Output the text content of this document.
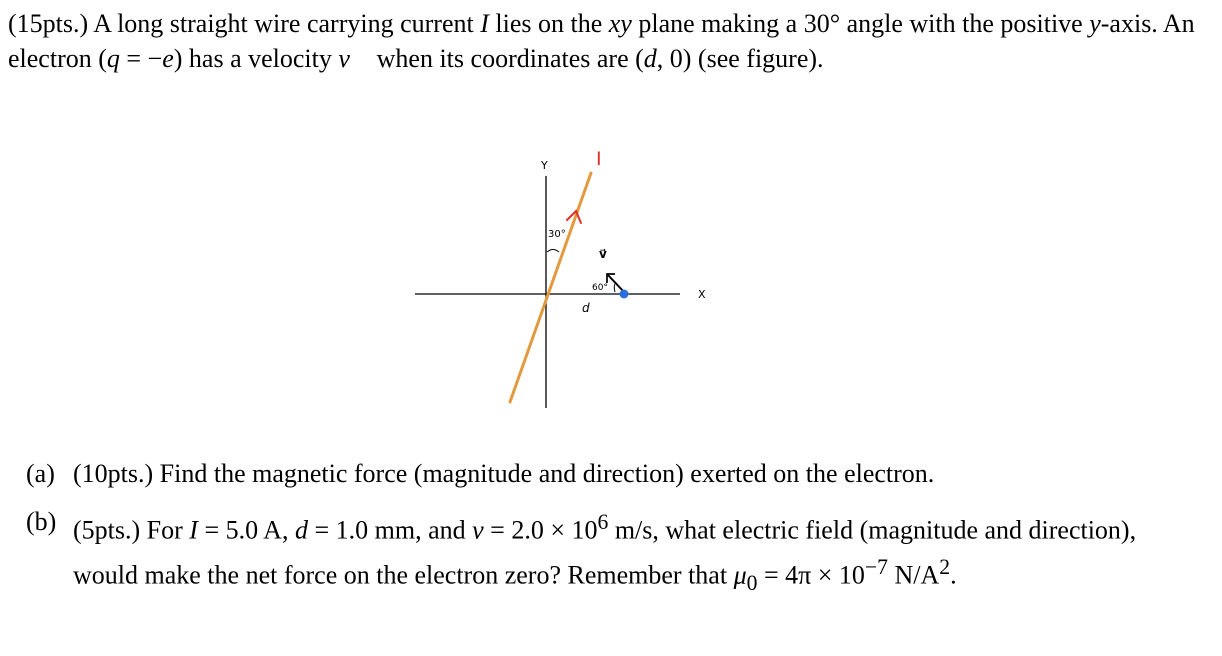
(15pts.) A long straight wire carrying current I lies on the xy plane making a 30° angle with the positive y-axis. An electron (q = −e) has a velocity v⃗ when its coordinates are (d, 0) (see figure).
Y
X
I
30°
v⃗
60°
d
(a) (10pts.) Find the magnetic force (magnitude and direction) exerted on the electron.
(b) (5pts.) For I = 5.0 A, d = 1.0 mm, and $v = 2.0 \times 10^6$ m/s, what electric field (magnitude and direction), would make the net force on the electron zero? Remember that $\mu_0 = 4\pi \times 10^{-7}$ $N/A^2$.
